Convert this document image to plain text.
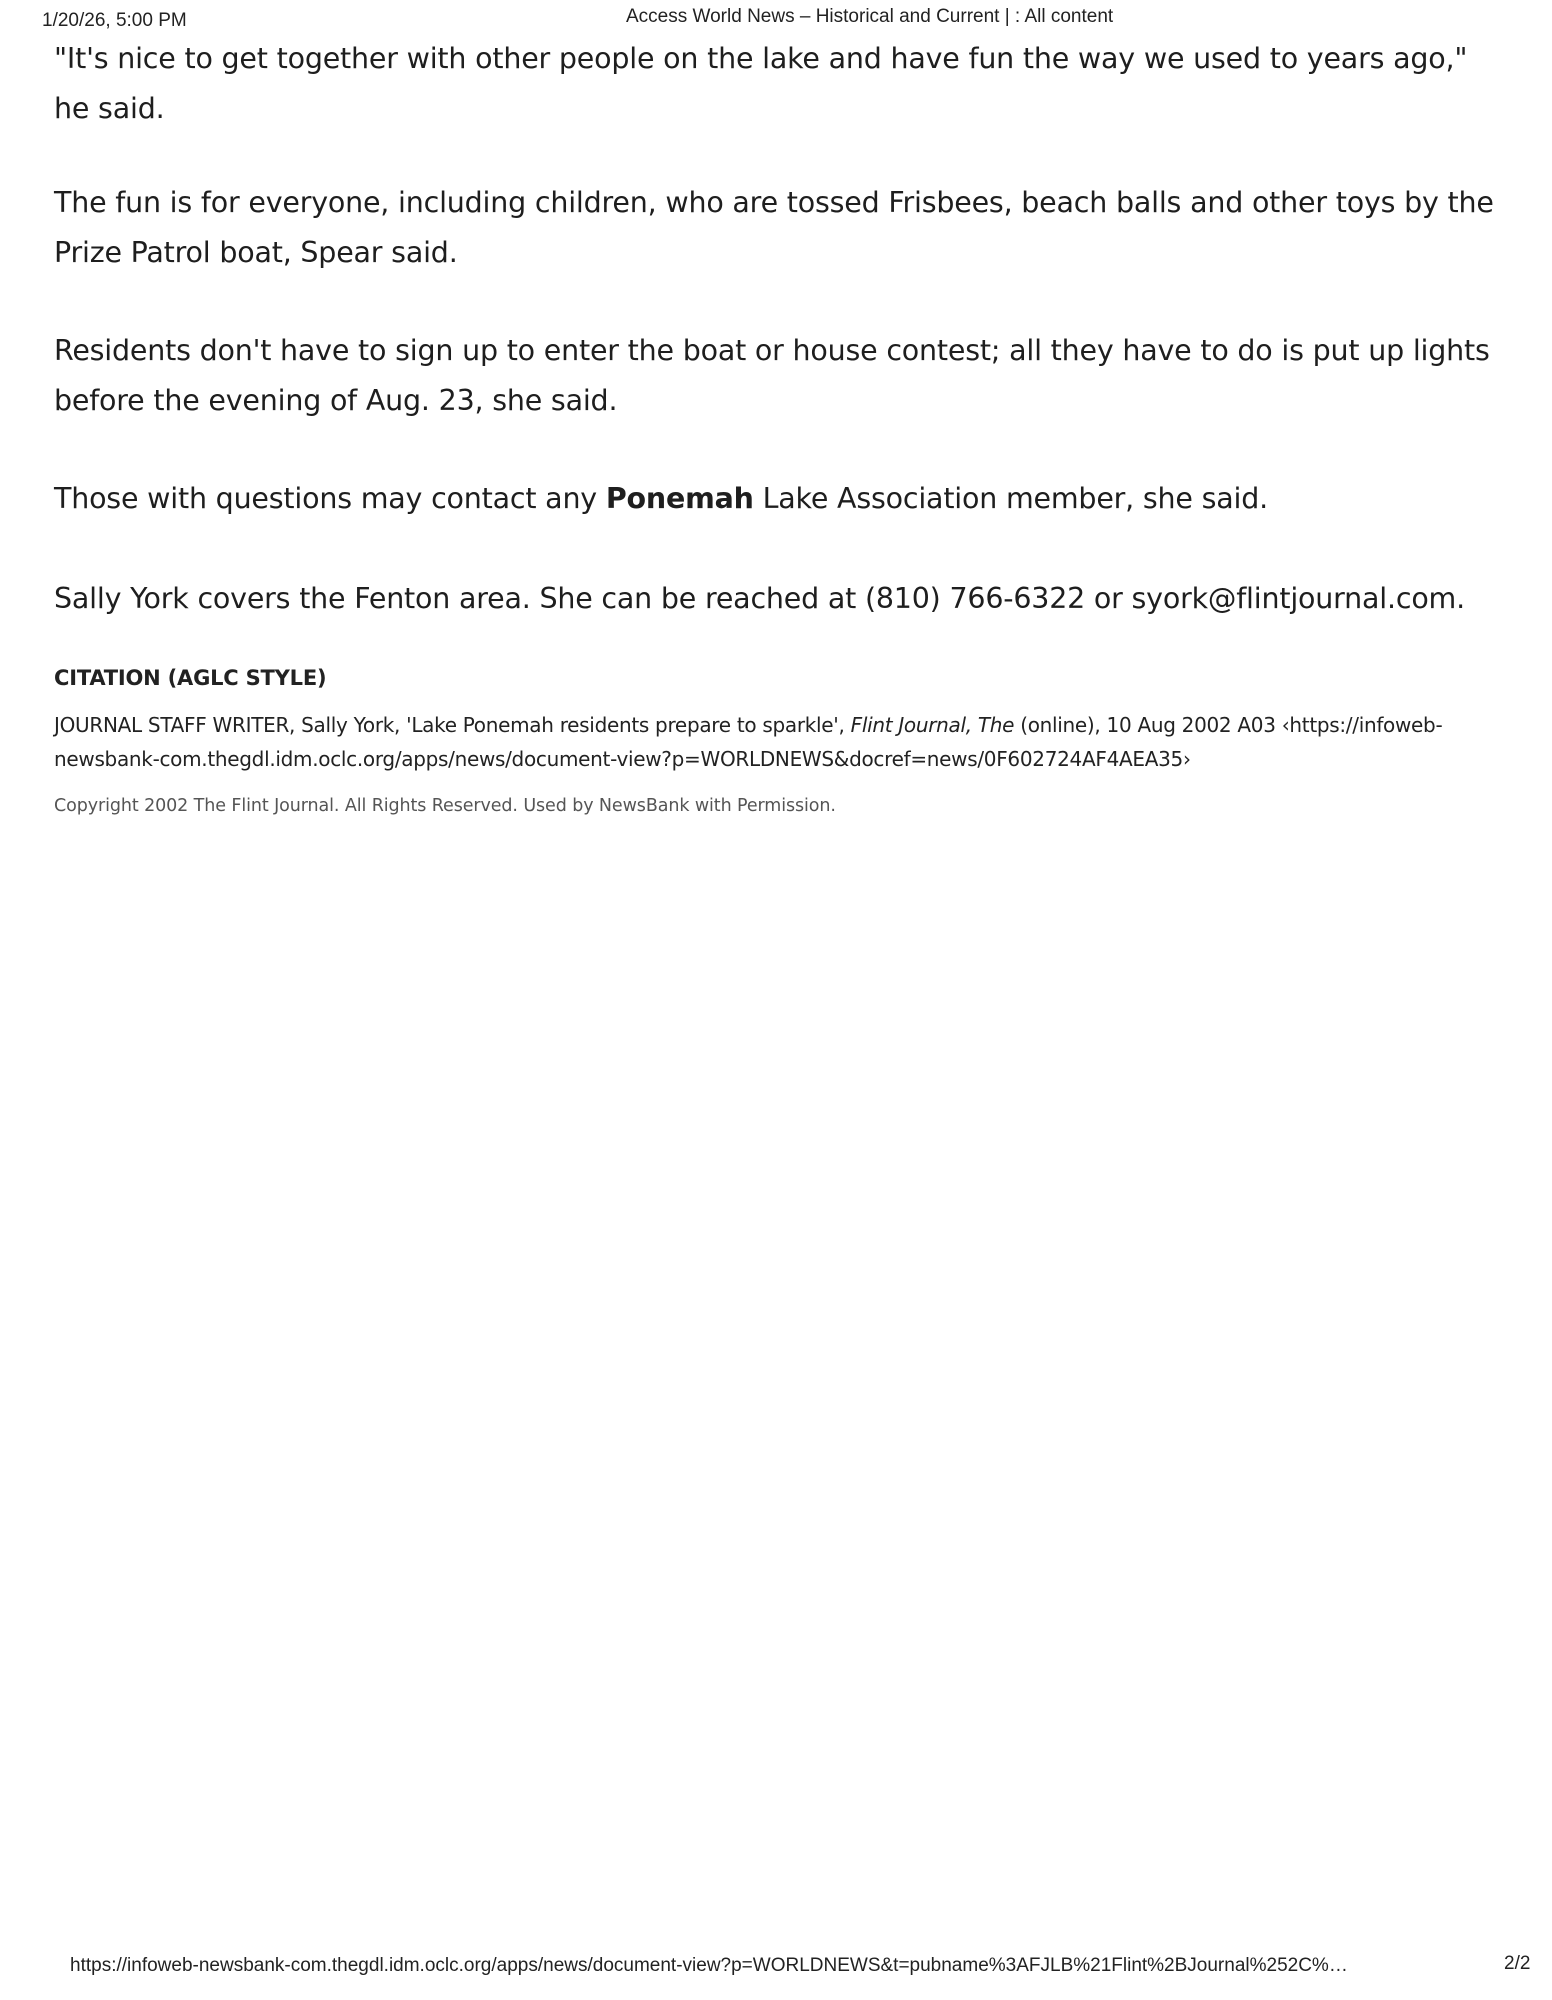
1/20/26, 5:00 PM	Access World News – Historical and Current | : All content

"It's nice to get together with other people on the lake and have fun the way we used to years ago," he said.

The fun is for everyone, including children, who are tossed Frisbees, beach balls and other toys by the Prize Patrol boat, Spear said.

Residents don't have to sign up to enter the boat or house contest; all they have to do is put up lights before the evening of Aug. 23, she said.

Those with questions may contact any Ponemah Lake Association member, she said.

Sally York covers the Fenton area. She can be reached at (810) 766-6322 or syork@flintjournal.com.

CITATION (AGLC STYLE)
JOURNAL STAFF WRITER, Sally York, 'Lake Ponemah residents prepare to sparkle', Flint Journal, The (online), 10 Aug 2002 A03 ‹https://infoweb-newsbank-com.thegdl.idm.oclc.org/apps/news/document-view?p=WORLDNEWS&docref=news/0F602724AF4AEA35›
Copyright 2002 The Flint Journal. All Rights Reserved. Used by NewsBank with Permission.
https://infoweb-newsbank-com.thegdl.idm.oclc.org/apps/news/document-view?p=WORLDNEWS&t=pubname%3AFJLB%21Flint%2BJournal%252C%…	2/2
